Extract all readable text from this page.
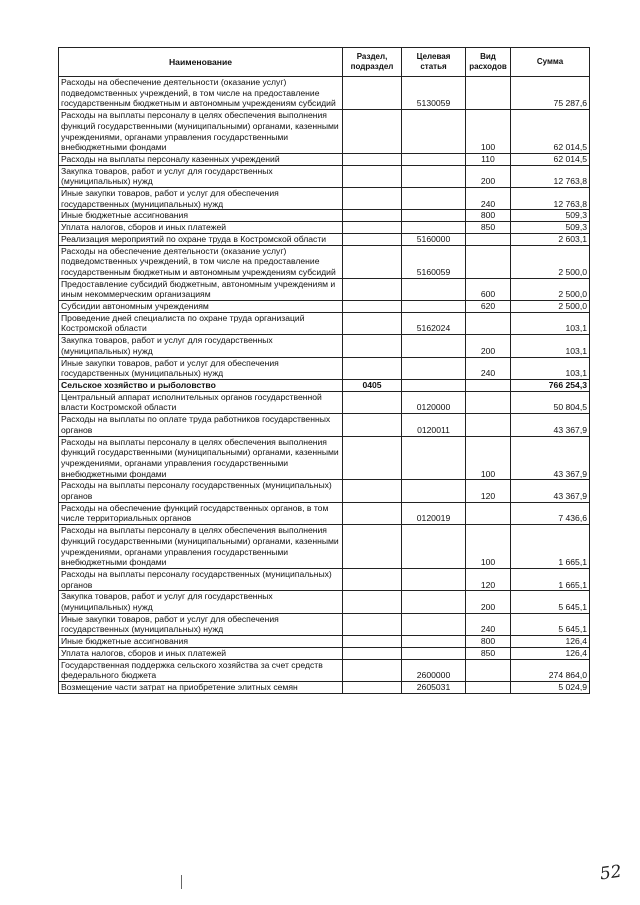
Наименование	Раздел, подраздел	Целевая статья	Вид расходов	Сумма
Расходы на обеспечение деятельности (оказание услуг) подведомственных учреждений, в том числе на предоставление государственным бюджетным и автономным учреждениям субсидий		5130059		75 287,6
Расходы на выплаты персоналу в целях обеспечения выполнения функций государственными (муниципальными) органами, казенными учреждениями, органами управления государственными внебюджетными фондами			100	62 014,5
Расходы на выплаты персоналу казенных учреждений			110	62 014,5
Закупка товаров, работ и услуг для государственных (муниципальных) нужд			200	12 763,8
Иные закупки товаров, работ и услуг для обеспечения государственных (муниципальных) нужд			240	12 763,8
Иные бюджетные ассигнования			800	509,3
Уплата налогов, сборов и иных платежей			850	509,3
Реализация мероприятий по охране труда в Костромской области		5160000		2 603,1
Расходы на обеспечение деятельности (оказание услуг) подведомственных учреждений, в том числе на предоставление государственным бюджетным и автономным учреждениям субсидий		5160059		2 500,0
Предоставление субсидий бюджетным, автономным учреждениям и иным некоммерческим организациям			600	2 500,0
Субсидии автономным учреждениям			620	2 500,0
Проведение дней специалиста по охране труда организаций Костромской области		5162024		103,1
Закупка товаров, работ и услуг для государственных (муниципальных) нужд			200	103,1
Иные закупки товаров, работ и услуг для обеспечения государственных (муниципальных) нужд			240	103,1
Сельское хозяйство и рыболовство	0405			766 254,3
Центральный аппарат исполнительных органов государственной власти Костромской области		0120000		50 804,5
Расходы на выплаты по оплате труда работников государственных органов		0120011		43 367,9
Расходы на выплаты персоналу в целях обеспечения выполнения функций государственными (муниципальными) органами, казенными учреждениями, органами управления государственными внебюджетными фондами			100	43 367,9
Расходы на выплаты персоналу государственных (муниципальных) органов			120	43 367,9
Расходы на обеспечение функций государственных органов, в том числе территориальных органов		0120019		7 436,6
Расходы на выплаты персоналу в целях обеспечения выполнения функций государственными (муниципальными) органами, казенными учреждениями, органами управления государственными внебюджетными фондами			100	1 665,1
Расходы на выплаты персоналу государственных (муниципальных) органов			120	1 665,1
Закупка товаров, работ и услуг для государственных (муниципальных) нужд			200	5 645,1
Иные закупки товаров, работ и услуг для обеспечения государственных (муниципальных) нужд			240	5 645,1
Иные бюджетные ассигнования			800	126,4
Уплата налогов, сборов и иных платежей			850	126,4
Государственная поддержка сельского хозяйства за счет средств федерального бюджета		2600000		274 864,0
Возмещение части затрат на приобретение элитных семян		2605031		5 024,9
52
